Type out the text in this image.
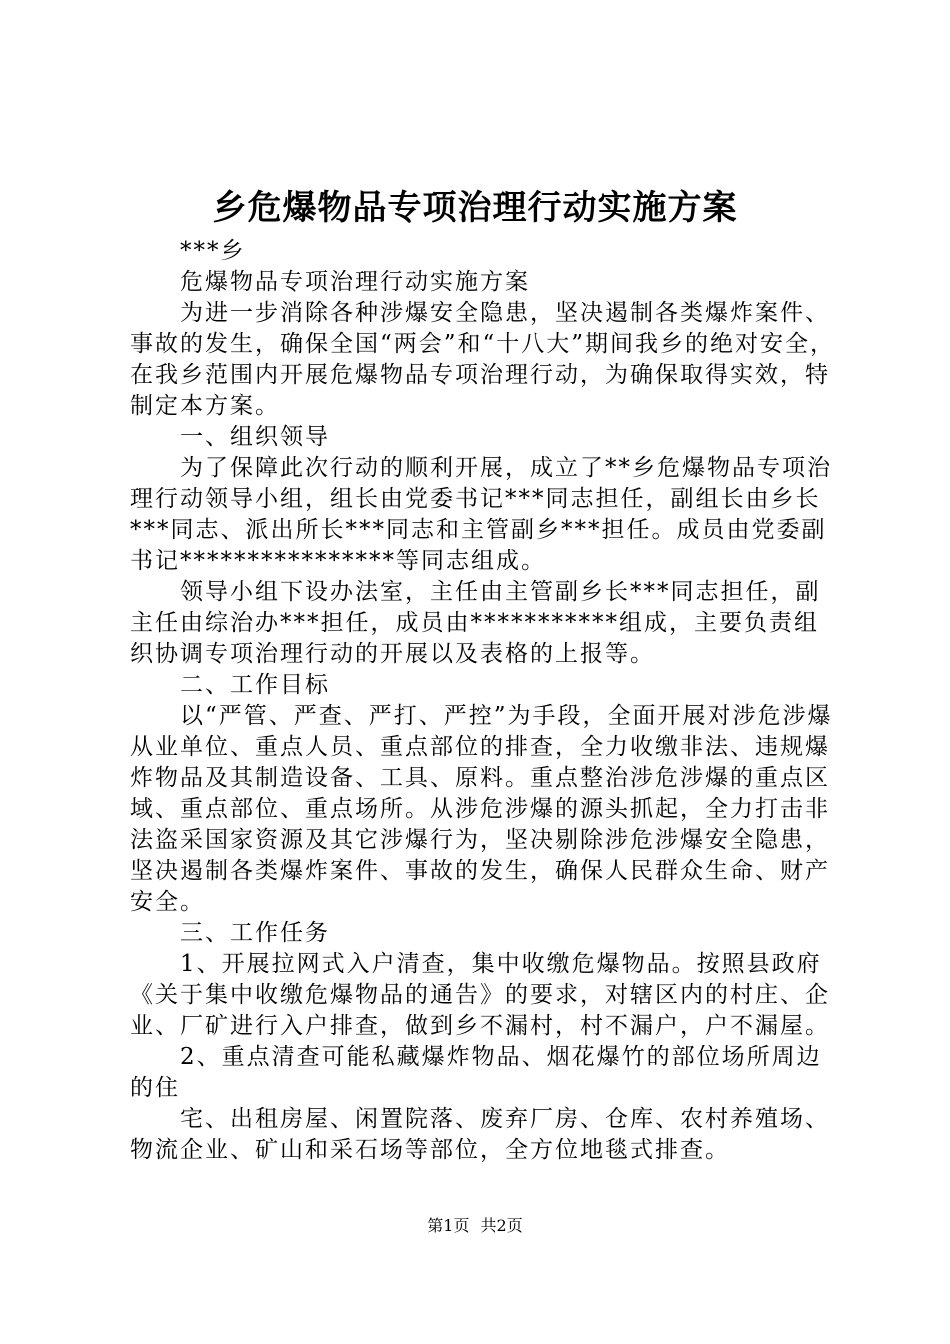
乡危爆物品专项治理行动实施方案

***乡

危爆物品专项治理行动实施方案

为进一步消除各种涉爆安全隐患，坚决遏制各类爆炸案件、事故的发生，确保全国“两会”和“十八大”期间我乡的绝对安全，在我乡范围内开展危爆物品专项治理行动，为确保取得实效，特制定本方案。

一、组织领导

为了保障此次行动的顺利开展，成立了**乡危爆物品专项治理行动领导小组，组长由党委书记***同志担任，副组长由乡长***同志、派出所长***同志和主管副乡***担任。成员由党委副书记****************等同志组成。

领导小组下设办法室，主任由主管副乡长***同志担任，副主任由综治办***担任，成员由***********组成，主要负责组织协调专项治理行动的开展以及表格的上报等。

二、工作目标

以“严管、严查、严打、严控”为手段，全面开展对涉危涉爆从业单位、重点人员、重点部位的排查，全力收缴非法、违规爆炸物品及其制造设备、工具、原料。重点整治涉危涉爆的重点区域、重点部位、重点场所。从涉危涉爆的源头抓起，全力打击非法盗采国家资源及其它涉爆行为，坚决剔除涉危涉爆安全隐患，坚决遏制各类爆炸案件、事故的发生，确保人民群众生命、财产安全。

三、工作任务

1、开展拉网式入户清查，集中收缴危爆物品。按照县政府《关于集中收缴危爆物品的通告》的要求，对辖区内的村庄、企业、厂矿进行入户排查，做到乡不漏村，村不漏户，户不漏屋。

2、重点清查可能私藏爆炸物品、烟花爆竹的部位场所周边的住

宅、出租房屋、闲置院落、废弃厂房、仓库、农村养殖场、物流企业、矿山和采石场等部位，全方位地毯式排查。

第1页 共2页
